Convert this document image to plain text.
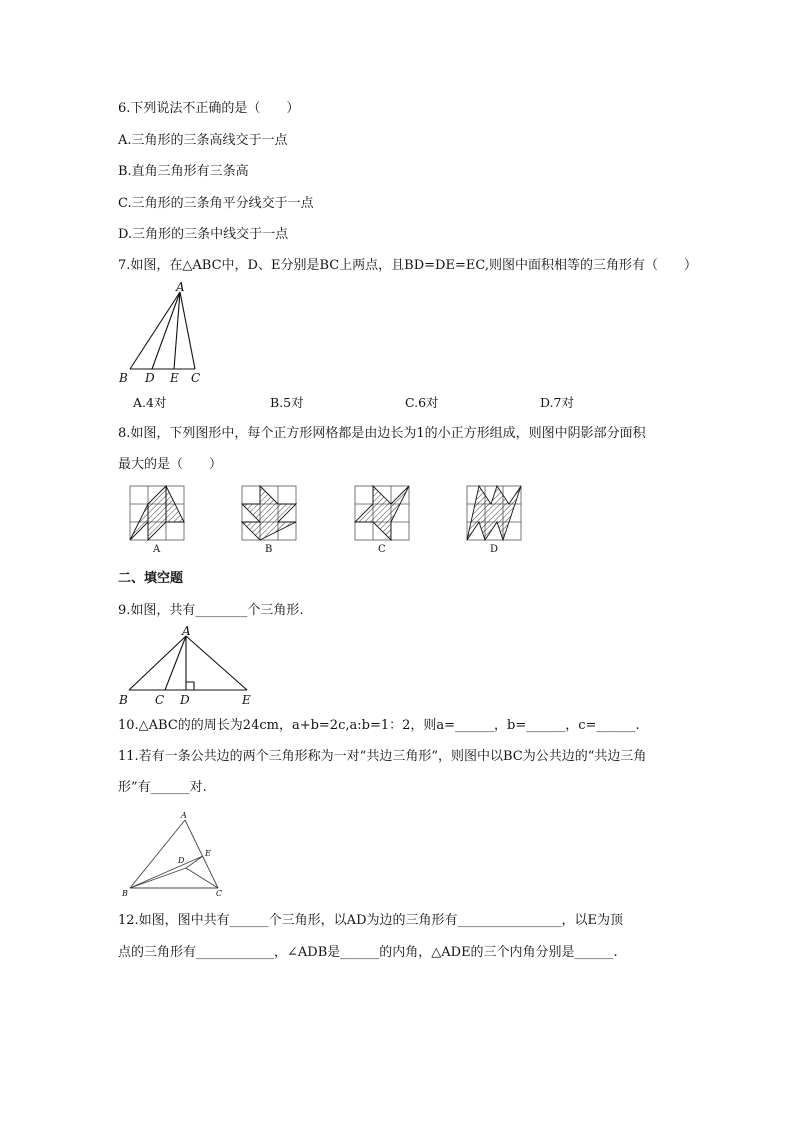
6.下列说法不正确的是（　　）
A.三角形的三条高线交于一点
B.直角三角形有三条高
C.三角形的三条角平分线交于一点
D.三角形的三条中线交于一点
7.如图，在△ABC中，D、E分别是BC上两点，且BD=DE=EC,则图中面积相等的三角形有（　　）
A
B D E C
A.4对	B.5对	C.6对	D.7对
8.如图，下列图形中，每个正方形网格都是由边长为1的小正方形组成，则图中阴影部分面积
最大的是（　　）
A	B	C	D
二、填空题
9.如图，共有________个三角形.
A
B C D	E
10.△ABC的的周长为24cm，a+b=2c,a:b=1：2，则a=______，b=______，c=______.
11.若有一条公共边的两个三角形称为一对“共边三角形”，则图中以BC为公共边的“共边三角
形”有______对.
A
B	C
D
E
12.如图，图中共有______个三角形，以AD为边的三角形有________________，以E为顶
点的三角形有____________，∠ADB是______的内角，△ADE的三个内角分别是______.
